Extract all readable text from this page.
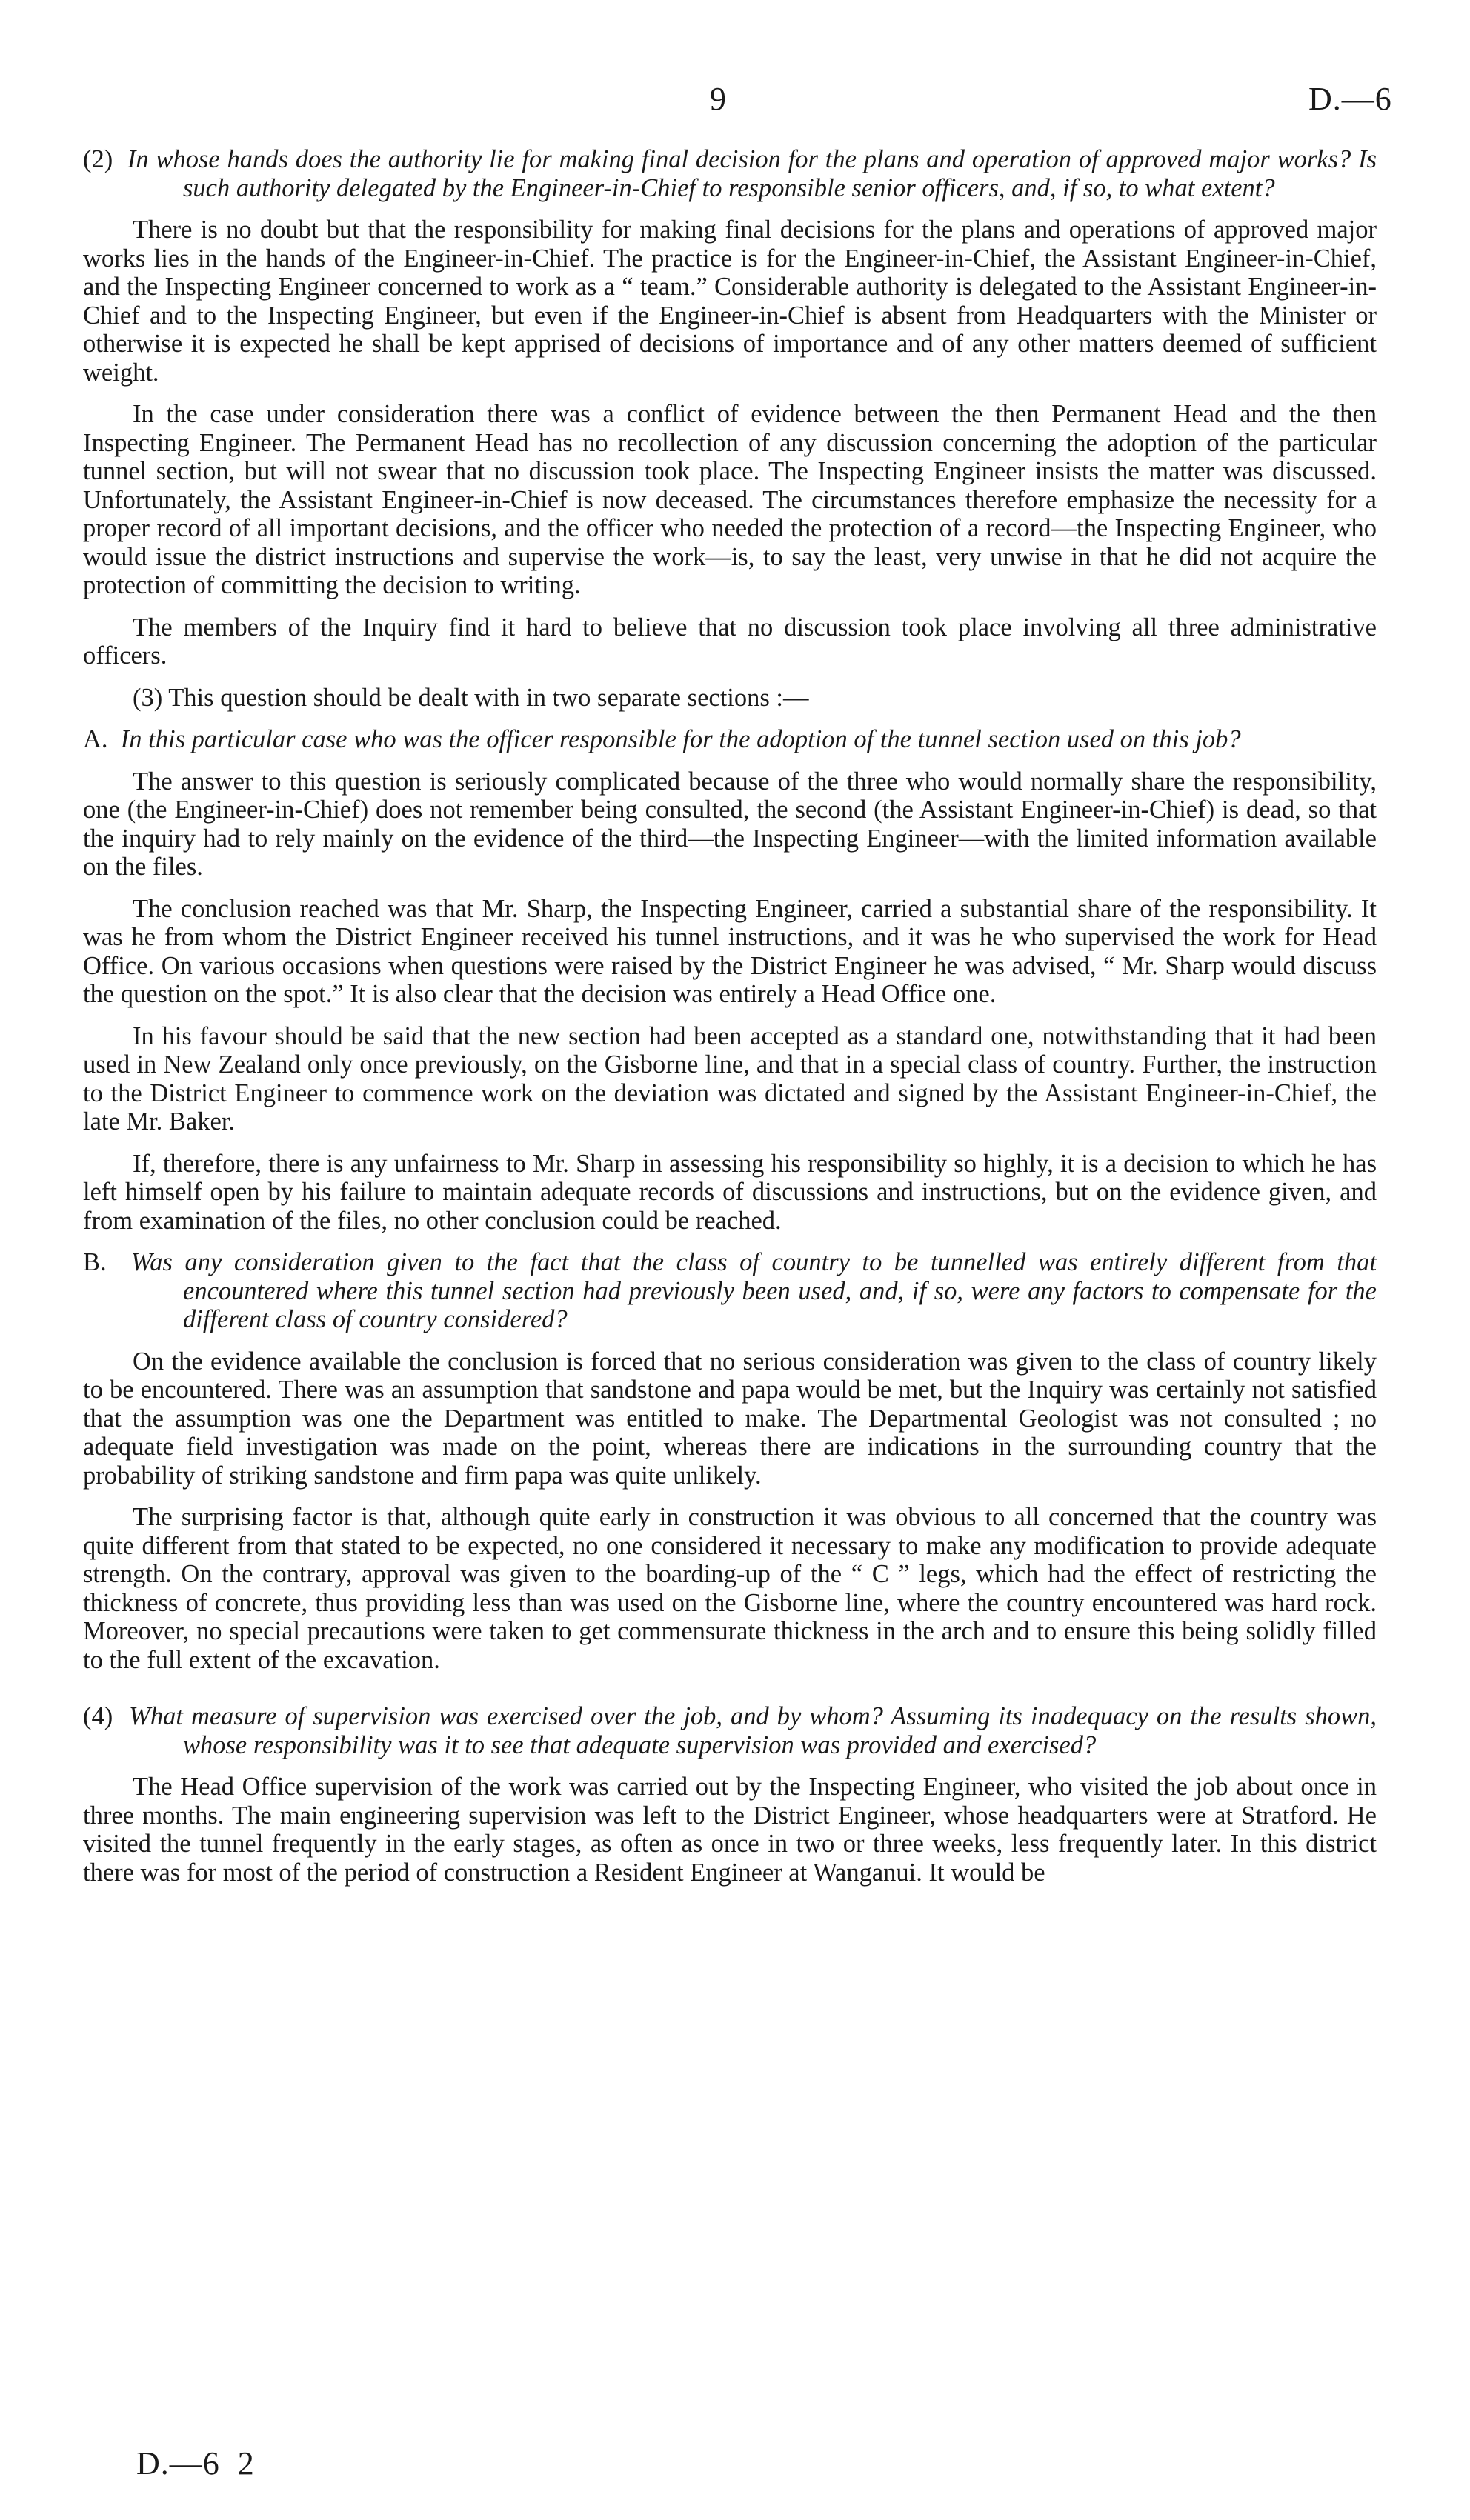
9	D.—6

(2) In whose hands does the authority lie for making final decision for the plans and operation of approved major works? Is such authority delegated by the Engineer-in-Chief to responsible senior officers, and, if so, to what extent?

There is no doubt but that the responsibility for making final decisions for the plans and operations of approved major works lies in the hands of the Engineer-in-Chief. The practice is for the Engineer-in-Chief, the Assistant Engineer-in-Chief, and the Inspecting Engineer concerned to work as a “ team.” Considerable authority is delegated to the Assistant Engineer-in-Chief and to the Inspecting Engineer, but even if the Engineer-in-Chief is absent from Headquarters with the Minister or otherwise it is expected he shall be kept apprised of decisions of importance and of any other matters deemed of sufficient weight.

In the case under consideration there was a conflict of evidence between the then Permanent Head and the then Inspecting Engineer. The Permanent Head has no recollection of any discussion concerning the adoption of the particular tunnel section, but will not swear that no discussion took place. The Inspecting Engineer insists the matter was discussed. Unfortunately, the Assistant Engineer-in-Chief is now deceased. The circumstances therefore emphasize the necessity for a proper record of all important decisions, and the officer who needed the protection of a record—the Inspecting Engineer, who would issue the district instructions and supervise the work—is, to say the least, very unwise in that he did not acquire the protection of committing the decision to writing.

The members of the Inquiry find it hard to believe that no discussion took place involving all three administrative officers.

(3) This question should be dealt with in two separate sections :—

A. In this particular case who was the officer responsible for the adoption of the tunnel section used on this job?

The answer to this question is seriously complicated because of the three who would normally share the responsibility, one (the Engineer-in-Chief) does not remember being consulted, the second (the Assistant Engineer-in-Chief) is dead, so that the inquiry had to rely mainly on the evidence of the third—the Inspecting Engineer—with the limited information available on the files.

The conclusion reached was that Mr. Sharp, the Inspecting Engineer, carried a substantial share of the responsibility. It was he from whom the District Engineer received his tunnel instructions, and it was he who supervised the work for Head Office. On various occasions when questions were raised by the District Engineer he was advised, “ Mr. Sharp would discuss the question on the spot.” It is also clear that the decision was entirely a Head Office one.

In his favour should be said that the new section had been accepted as a standard one, notwithstanding that it had been used in New Zealand only once previously, on the Gisborne line, and that in a special class of country. Further, the instruction to the District Engineer to commence work on the deviation was dictated and signed by the Assistant Engineer-in-Chief, the late Mr. Baker.

If, therefore, there is any unfairness to Mr. Sharp in assessing his responsibility so highly, it is a decision to which he has left himself open by his failure to maintain adequate records of discussions and instructions, but on the evidence given, and from examination of the files, no other conclusion could be reached.

B. Was any consideration given to the fact that the class of country to be tunnelled was entirely different from that encountered where this tunnel section had previously been used, and, if so, were any factors to compensate for the different class of country considered?

On the evidence available the conclusion is forced that no serious consideration was given to the class of country likely to be encountered. There was an assumption that sandstone and papa would be met, but the Inquiry was certainly not satisfied that the assumption was one the Department was entitled to make. The Departmental Geologist was not consulted ; no adequate field investigation was made on the point, whereas there are indications in the surrounding country that the probability of striking sandstone and firm papa was quite unlikely.

The surprising factor is that, although quite early in construction it was obvious to all concerned that the country was quite different from that stated to be expected, no one considered it necessary to make any modification to provide adequate strength. On the contrary, approval was given to the boarding-up of the “ C ” legs, which had the effect of restricting the thickness of concrete, thus providing less than was used on the Gisborne line, where the country encountered was hard rock. Moreover, no special precautions were taken to get commensurate thickness in the arch and to ensure this being solidly filled to the full extent of the excavation.

(4) What measure of supervision was exercised over the job, and by whom? Assuming its inadequacy on the results shown, whose responsibility was it to see that adequate supervision was provided and exercised?

The Head Office supervision of the work was carried out by the Inspecting Engineer, who visited the job about once in three months. The main engineering supervision was left to the District Engineer, whose headquarters were at Stratford. He visited the tunnel frequently in the early stages, as often as once in two or three weeks, less frequently later. In this district there was for most of the period of construction a Resident Engineer at Wanganui. It would be

D.—6 2
